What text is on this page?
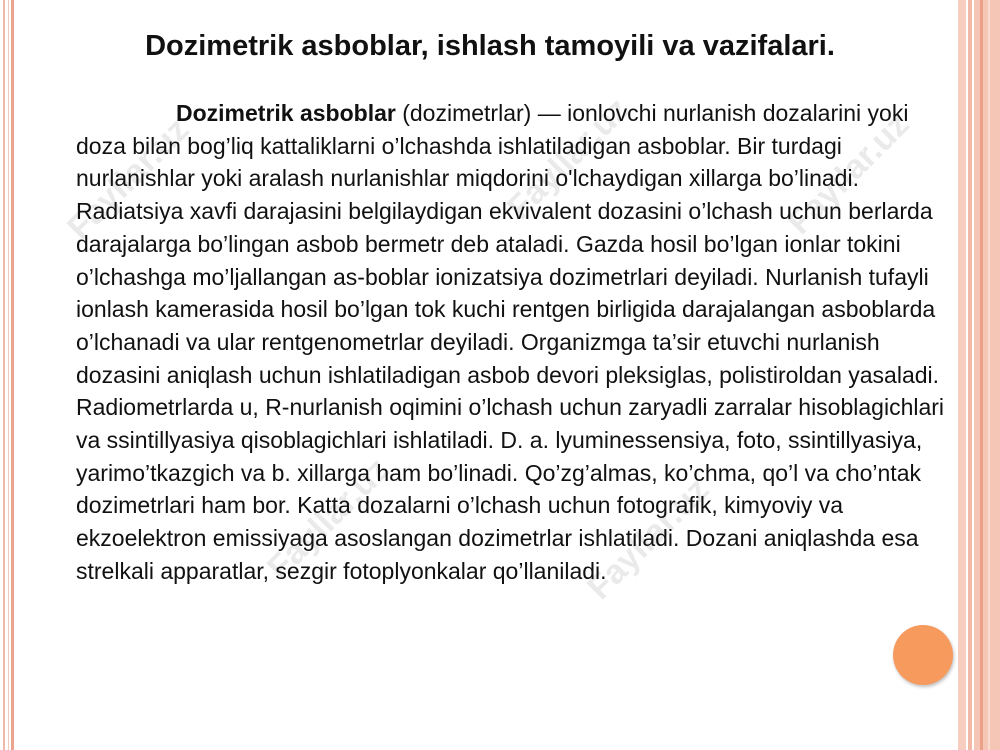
Fayllar.uz	Fayllar.uz	Fayllar.uz
Fayllar.uz	Fayllar.uz
Dozimetrik asboblar, ishlash tamoyili va vazifalari.

Dozimetrik asboblar (dozimetrlar) — ionlovchi nurlanish dozalarini yoki doza bilan bog’liq kattaliklarni o’lchashda ishlatiladigan asboblar. Bir turdagi nurlanishlar yoki aralash nurlanishlar miqdorini o'lchaydigan xillarga bo’linadi. Radiatsiya xavfi darajasini belgilaydigan ekvivalent dozasini o’lchash uchun berlarda darajalarga bo’lingan asbob bermetr deb ataladi. Gazda hosil bo’lgan ionlar tokini o’lchashga mo’ljallangan as-boblar ionizatsiya dozimetrlari deyiladi. Nurlanish tufayli ionlash kamerasida hosil bo’lgan tok kuchi rentgen birligida darajalangan asboblarda o’lchanadi va ular rentgenometrlar deyiladi. Organizmga ta’sir etuvchi nurlanish dozasini aniqlash uchun ishlatiladigan asbob devori pleksiglas, polistiroldan yasaladi. Radiometrlarda u, R-nurlanish oqimini o’lchash uchun zaryadli zarralar hisoblagichlari va ssintillyasiya qisoblagichlari ishlatiladi. D. a. lyuminessensiya, foto, ssintillyasiya, yarimo’tkazgich va b. xillarga ham bo’linadi. Qo’zg’almas, ko’chma, qo’l va cho’ntak dozimetrlari ham bor. Katta dozalarni o’lchash uchun fotografik, kimyoviy va ekzoelektron emissiyaga asoslangan dozimetrlar ishlatiladi. Dozani aniqlashda esa strelkali apparatlar, sezgir fotoplyonkalar qo’llaniladi.
